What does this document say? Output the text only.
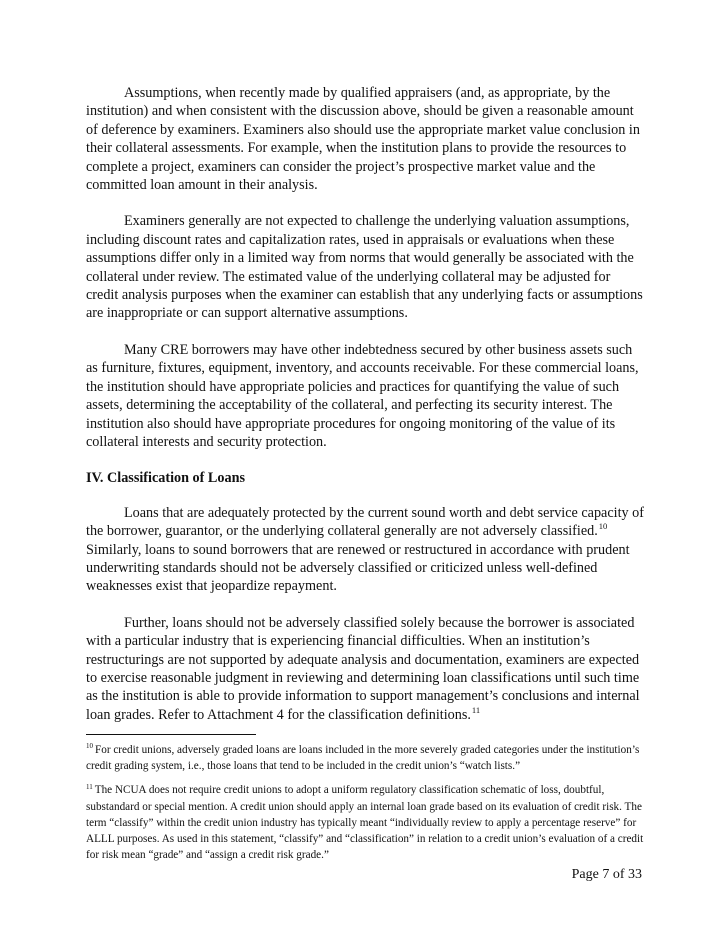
Assumptions, when recently made by qualified appraisers (and, as appropriate, by the institution) and when consistent with the discussion above, should be given a reasonable amount of deference by examiners. Examiners also should use the appropriate market value conclusion in their collateral assessments. For example, when the institution plans to provide the resources to complete a project, examiners can consider the project’s prospective market value and the committed loan amount in their analysis.

Examiners generally are not expected to challenge the underlying valuation assumptions, including discount rates and capitalization rates, used in appraisals or evaluations when these assumptions differ only in a limited way from norms that would generally be associated with the collateral under review. The estimated value of the underlying collateral may be adjusted for credit analysis purposes when the examiner can establish that any underlying facts or assumptions are inappropriate or can support alternative assumptions.

Many CRE borrowers may have other indebtedness secured by other business assets such as furniture, fixtures, equipment, inventory, and accounts receivable. For these commercial loans, the institution should have appropriate policies and practices for quantifying the value of such assets, determining the acceptability of the collateral, and perfecting its security interest. The institution also should have appropriate procedures for ongoing monitoring of the value of its collateral interests and security protection.

IV. Classification of Loans

Loans that are adequately protected by the current sound worth and debt service capacity of the borrower, guarantor, or the underlying collateral generally are not adversely classified.$^{10}$ Similarly, loans to sound borrowers that are renewed or restructured in accordance with prudent underwriting standards should not be adversely classified or criticized unless well-defined weaknesses exist that jeopardize repayment.

Further, loans should not be adversely classified solely because the borrower is associated with a particular industry that is experiencing financial difficulties. When an institution’s restructurings are not supported by adequate analysis and documentation, examiners are expected to exercise reasonable judgment in reviewing and determining loan classifications until such time as the institution is able to provide information to support management’s conclusions and internal loan grades. Refer to Attachment 4 for the classification definitions.$^{11}$

$^{10}$ For credit unions, adversely graded loans are loans included in the more severely graded categories under the institution’s credit grading system, i.e., those loans that tend to be included in the credit union’s “watch lists.”

$^{11}$ The NCUA does not require credit unions to adopt a uniform regulatory classification schematic of loss, doubtful, substandard or special mention. A credit union should apply an internal loan grade based on its evaluation of credit risk. The term “classify” within the credit union industry has typically meant “individually review to apply a percentage reserve” for ALLL purposes. As used in this statement, “classify” and “classification” in relation to a credit union’s evaluation of a credit for risk mean “grade” and “assign a credit risk grade.”

Page 7 of 33
